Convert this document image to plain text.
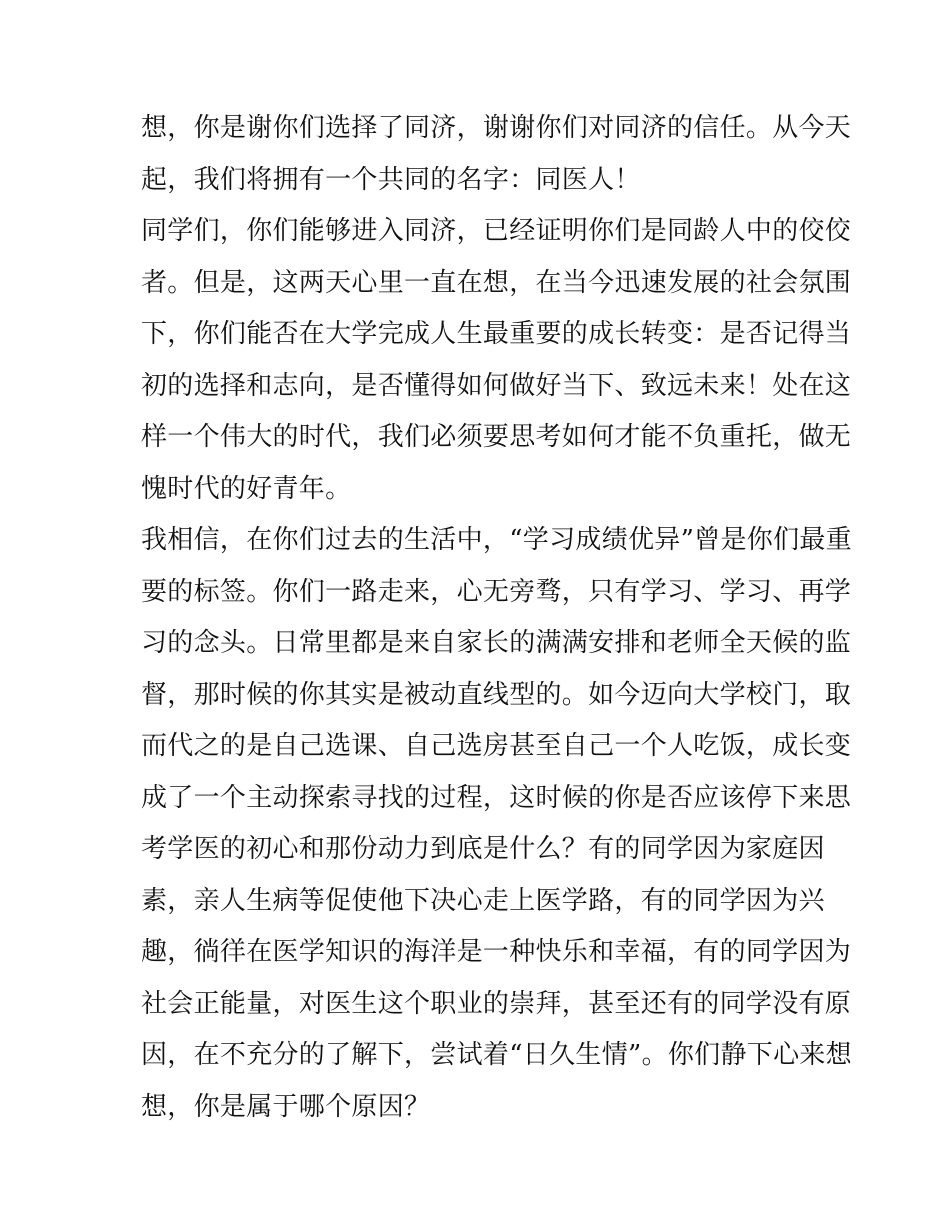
想，你是谢你们选择了同济，谢谢你们对同济的信任。从今天
起，我们将拥有一个共同的名字：同医人！
同学们，你们能够进入同济，已经证明你们是同龄人中的佼佼
者。但是，这两天心里一直在想，在当今迅速发展的社会氛围
下，你们能否在大学完成人生最重要的成长转变：是否记得当
初的选择和志向，是否懂得如何做好当下、致远未来！处在这
样一个伟大的时代，我们必须要思考如何才能不负重托，做无
愧时代的好青年。
我相信，在你们过去的生活中，“学习成绩优异”曾是你们最重
要的标签。你们一路走来，心无旁骛，只有学习、学习、再学
习的念头。日常里都是来自家长的满满安排和老师全天候的监
督，那时候的你其实是被动直线型的。如今迈向大学校门，取
而代之的是自己选课、自己选房甚至自己一个人吃饭，成长变
成了一个主动探索寻找的过程，这时候的你是否应该停下来思
考学医的初心和那份动力到底是什么？有的同学因为家庭因
素，亲人生病等促使他下决心走上医学路，有的同学因为兴
趣，徜徉在医学知识的海洋是一种快乐和幸福，有的同学因为
社会正能量，对医生这个职业的崇拜，甚至还有的同学没有原
因，在不充分的了解下，尝试着“日久生情”。你们静下心来想
想，你是属于哪个原因？
